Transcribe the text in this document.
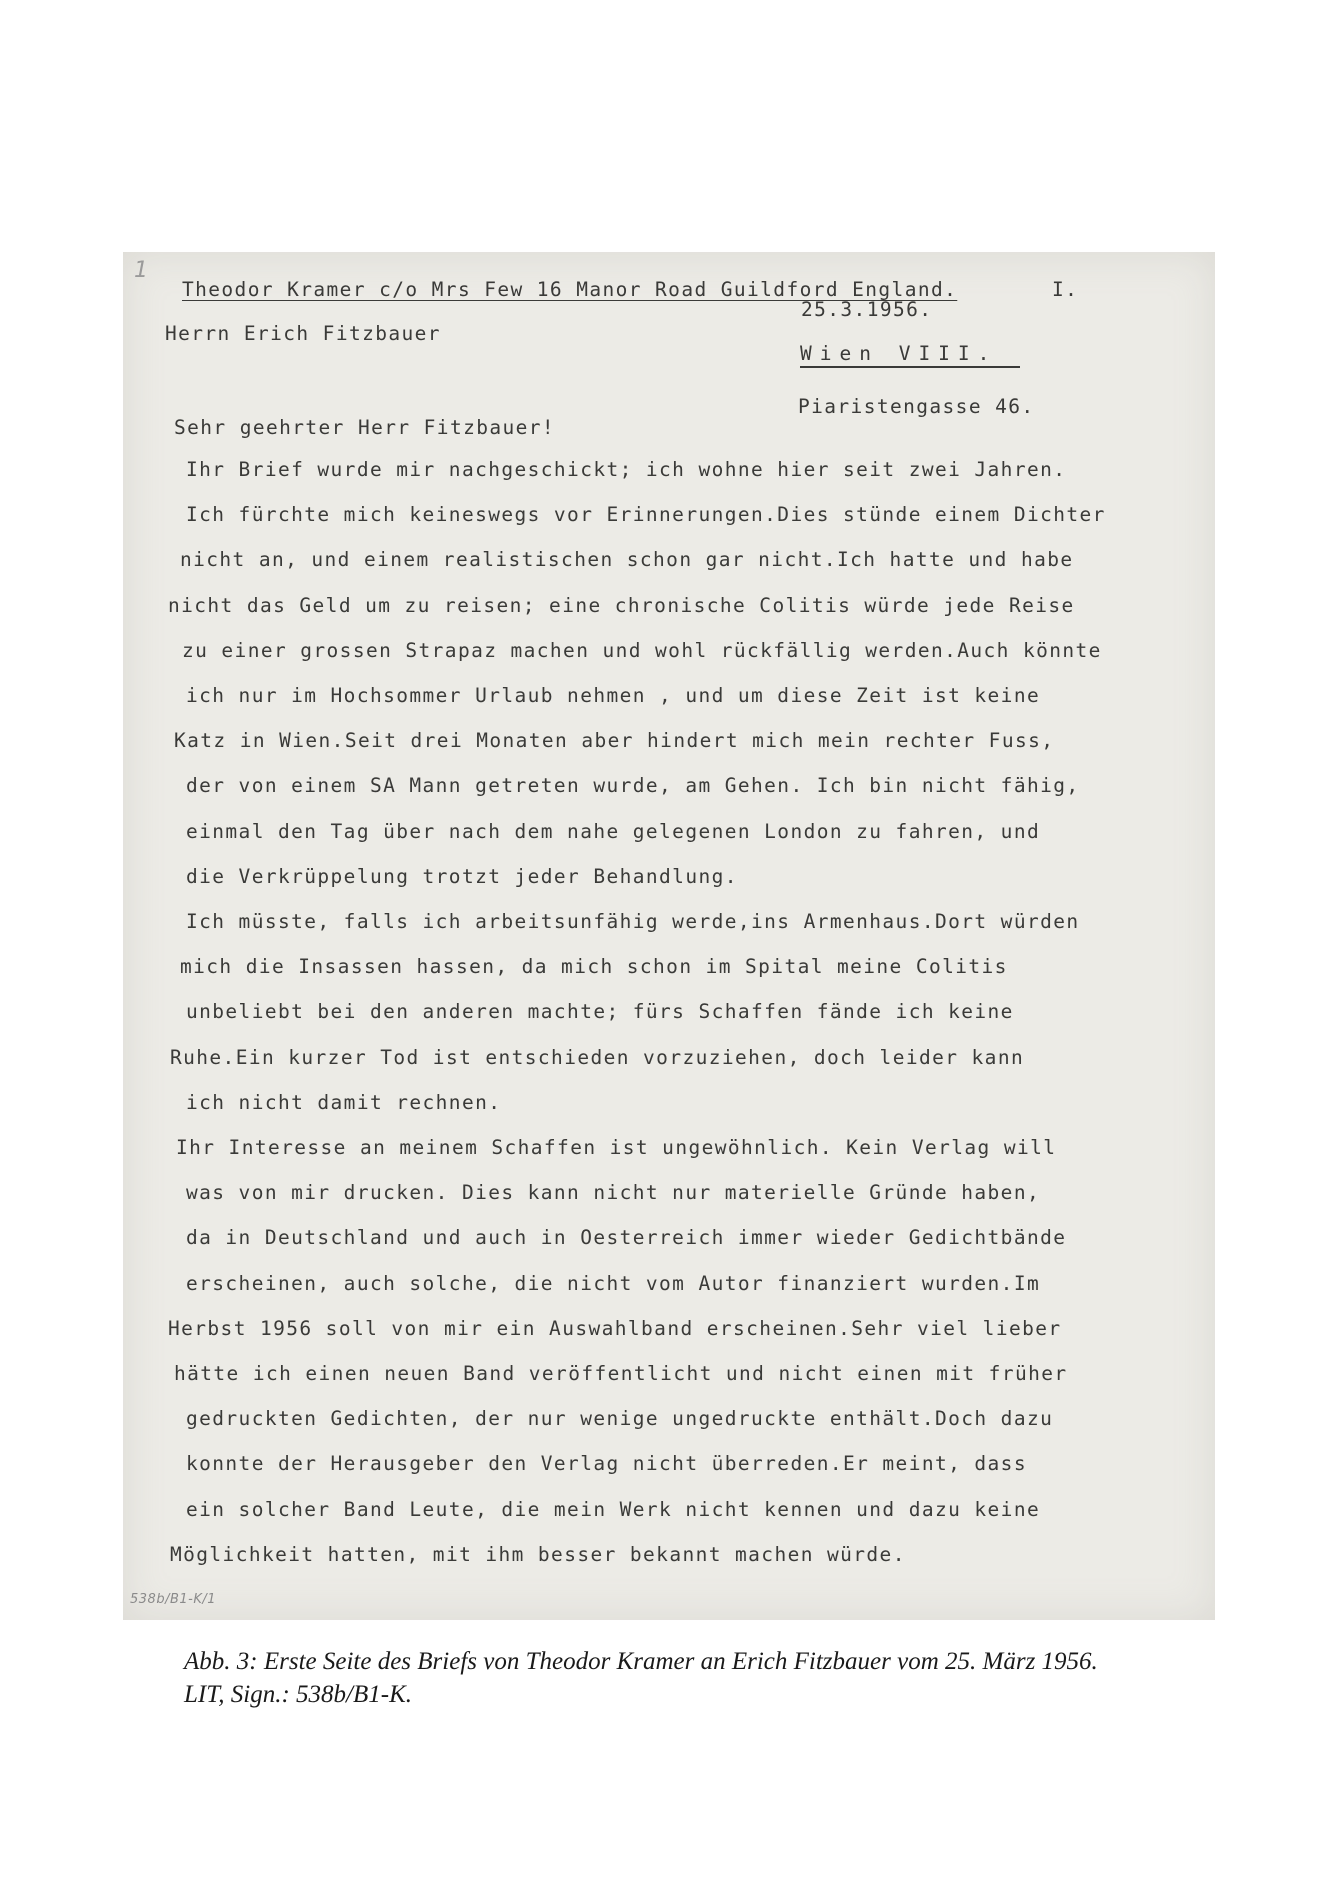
1
Theodor Kramer c/o Mrs Few 16 Manor Road Guildford England.	I.
25.3.1956.
Herrn Erich Fitzbauer
Wien VIII.
Piaristengasse 46.
Sehr geehrter Herr Fitzbauer!
Ihr Brief wurde mir nachgeschickt; ich wohne hier seit zwei Jahren.
Ich fürchte mich keineswegs vor Erinnerungen.Dies stünde einem Dichter
nicht an, und einem realistischen schon gar nicht.Ich hatte und habe
nicht das Geld um zu reisen; eine chronische Colitis würde jede Reise
zu einer grossen Strapaz machen und wohl rückfällig werden.Auch könnte
ich nur im Hochsommer Urlaub nehmen , und um diese Zeit ist keine
Katz in Wien.Seit drei Monaten aber hindert mich mein rechter Fuss,
der von einem SA Mann getreten wurde, am Gehen. Ich bin nicht fähig,
einmal den Tag über nach dem nahe gelegenen London zu fahren, und
die Verkrüppelung trotzt jeder Behandlung.
Ich müsste, falls ich arbeitsunfähig werde,ins Armenhaus.Dort würden
mich die Insassen hassen, da mich schon im Spital meine Colitis
unbeliebt bei den anderen machte; fürs Schaffen fände ich keine
Ruhe.Ein kurzer Tod ist entschieden vorzuziehen, doch leider kann
ich nicht damit rechnen.
Ihr Interesse an meinem Schaffen ist ungewöhnlich. Kein Verlag will
was von mir drucken. Dies kann nicht nur materielle Gründe haben,
da in Deutschland und auch in Oesterreich immer wieder Gedichtbände
erscheinen, auch solche, die nicht vom Autor finanziert wurden.Im
Herbst 1956 soll von mir ein Auswahlband erscheinen.Sehr viel lieber
hätte ich einen neuen Band veröffentlicht und nicht einen mit früher
gedruckten Gedichten, der nur wenige ungedruckte enthält.Doch dazu
konnte der Herausgeber den Verlag nicht überreden.Er meint, dass
ein solcher Band Leute, die mein Werk nicht kennen und dazu keine
Möglichkeit hatten, mit ihm besser bekannt machen würde.
538b/B1-K/1
Abb. 3: Erste Seite des Briefs von Theodor Kramer an Erich Fitzbauer vom 25. März 1956.
LIT, Sign.: 538b/B1-K.
